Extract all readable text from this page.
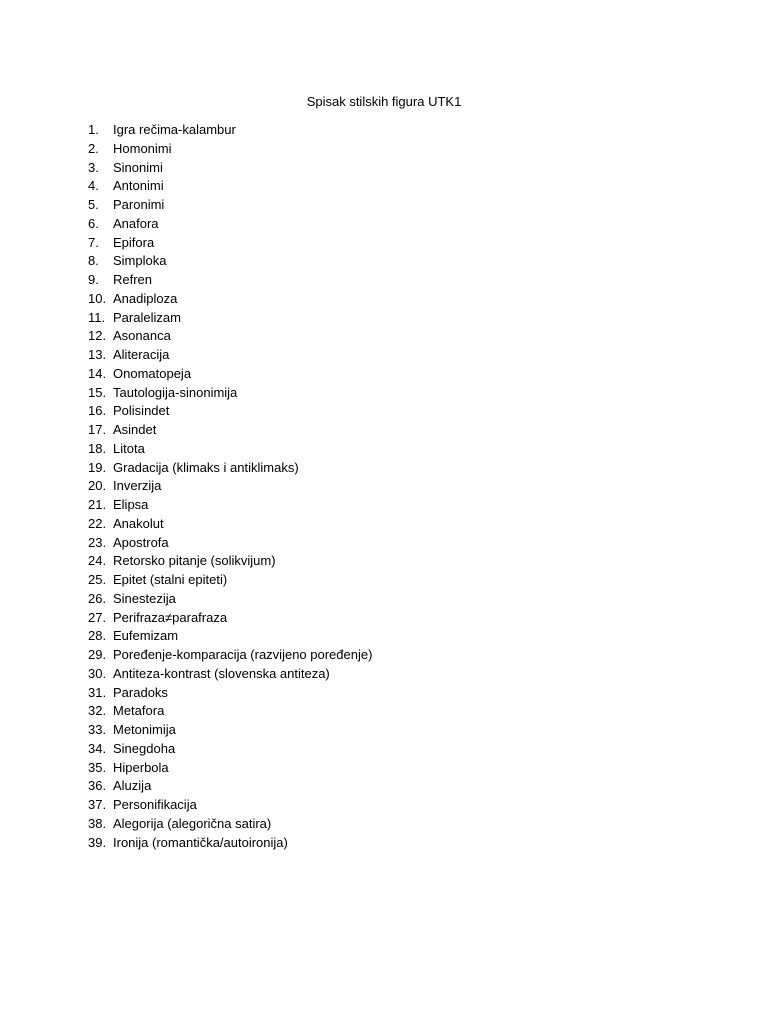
Spisak stilskih figura UTK1
1.	Igra rečima-kalambur
2.	Homonimi
3.	Sinonimi
4.	Antonimi
5.	Paronimi
6.	Anafora
7.	Epifora
8.	Simploka
9.	Refren
10. Anadiploza
11. Paralelizam
12. Asonanca
13. Aliteracija
14. Onomatopeja
15. Tautologija-sinonimija
16. Polisindet
17. Asindet
18. Litota
19. Gradacija (klimaks i antiklimaks)
20. Inverzija
21. Elipsa
22. Anakolut
23. Apostrofa
24. Retorsko pitanje (solikvijum)
25. Epitet (stalni epiteti)
26. Sinestezija
27. Perifraza≠parafraza
28. Eufemizam
29. Poređenje-komparacija (razvijeno poređenje)
30. Antiteza-kontrast (slovenska antiteza)
31. Paradoks
32. Metafora
33. Metonimija
34. Sinegdoha
35. Hiperbola
36. Aluzija
37. Personifikacija
38. Alegorija (alegorična satira)
39. Ironija (romantička/autoironija)
